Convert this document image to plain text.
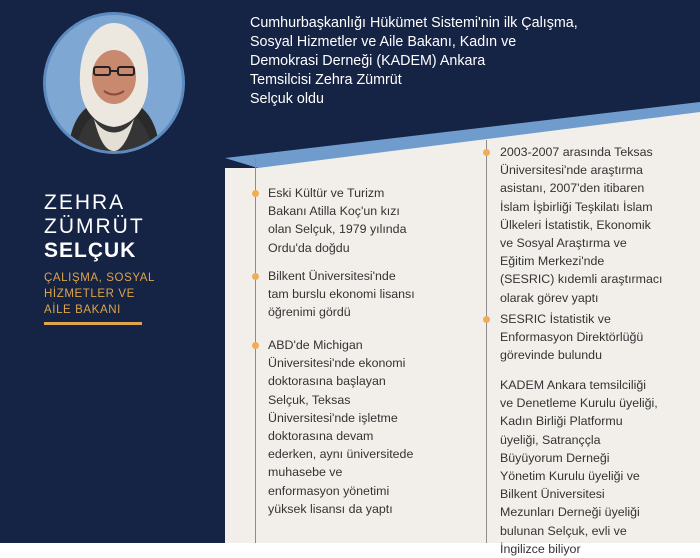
Cumhurbaşkanlığı Hükümet Sistemi'nin ilk Çalışma,
Sosyal Hizmetler ve Aile Bakanı, Kadın ve
Demokrasi Derneği (KADEM) Ankara
Temsilcisi Zehra Zümrüt
Selçuk oldu
ZEHRA
ZÜMRÜT
SELÇUK
ÇALIŞMA, SOSYAL
HİZMETLER VE
AİLE BAKANI
Eski Kültür ve Turizm
Bakanı Atilla Koç'un kızı
olan Selçuk, 1979 yılında
Ordu'da doğdu
Bilkent Üniversitesi'nde
tam burslu ekonomi lisansı
öğrenimi gördü
ABD'de Michigan
Üniversitesi'nde ekonomi
doktorasına başlayan
Selçuk, Teksas
Üniversitesi'nde işletme
doktorasına devam
ederken, aynı üniversitede
muhasebe ve
enformasyon yönetimi
yüksek lisansı da yaptı
2003-2007 arasında Teksas
Üniversitesi'nde araştırma
asistanı, 2007'den itibaren
İslam İşbirliği Teşkilatı İslam
Ülkeleri İstatistik, Ekonomik
ve Sosyal Araştırma ve
Eğitim Merkezi'nde
(SESRIC) kıdemli araştırmacı
olarak görev yaptı
SESRIC İstatistik ve
Enformasyon Direktörlüğü
görevinde bulundu
KADEM Ankara temsilciliği
ve Denetleme Kurulu üyeliği,
Kadın Birliği Platformu
üyeliği, Satranççla
Büyüyorum Derneği
Yönetim Kurulu üyeliği ve
Bilkent Üniversitesi
Mezunları Derneği üyeliği
bulunan Selçuk, evli ve
İngilizce biliyor
